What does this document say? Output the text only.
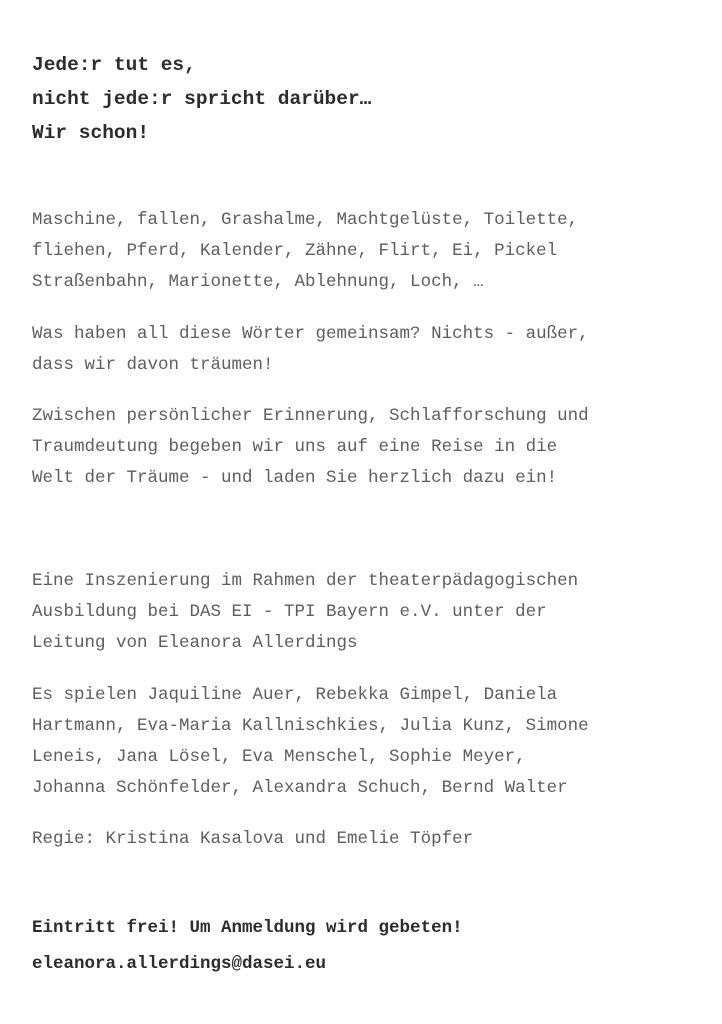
Jede:r tut es,
nicht jede:r spricht darüber…
Wir schon!
Maschine, fallen, Grashalme, Machtgelüste, Toilette,
fliehen, Pferd, Kalender, Zähne, Flirt, Ei, Pickel
Straßenbahn, Marionette, Ablehnung, Loch, …
Was haben all diese Wörter gemeinsam? Nichts - außer,
dass wir davon träumen!
Zwischen persönlicher Erinnerung, Schlafforschung und
Traumdeutung begeben wir uns auf eine Reise in die
Welt der Träume - und laden Sie herzlich dazu ein!
Eine Inszenierung im Rahmen der theaterpädagogischen
Ausbildung bei DAS EI - TPI Bayern e.V. unter der
Leitung von Eleanora Allerdings
Es spielen Jaquiline Auer, Rebekka Gimpel, Daniela
Hartmann, Eva-Maria Kallnischkies, Julia Kunz, Simone
Leneis, Jana Lösel, Eva Menschel, Sophie Meyer,
Johanna Schönfelder, Alexandra Schuch, Bernd Walter
Regie: Kristina Kasalova und Emelie Töpfer
Eintritt frei! Um Anmeldung wird gebeten!
eleanora.allerdings@dasei.eu
